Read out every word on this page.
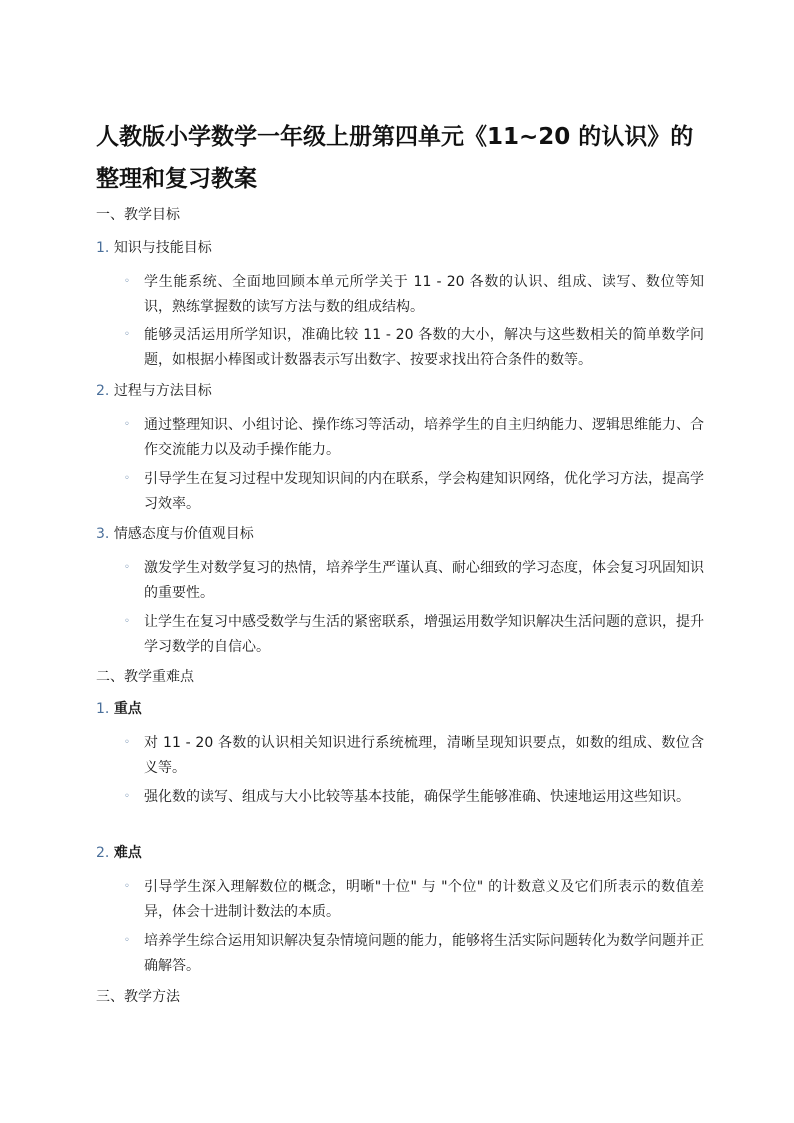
人教版小学数学一年级上册第四单元《11~20 的认识》的整理和复习教案

一、教学目标

1. 知识与技能目标

◦ 学生能系统、全面地回顾本单元所学关于 11 - 20 各数的认识、组成、读写、数位等知识，熟练掌握数的读写方法与数的组成结构。
◦ 能够灵活运用所学知识，准确比较 11 - 20 各数的大小，解决与这些数相关的简单数学问题，如根据小棒图或计数器表示写出数字、按要求找出符合条件的数等。

2. 过程与方法目标

◦ 通过整理知识、小组讨论、操作练习等活动，培养学生的自主归纳能力、逻辑思维能力、合作交流能力以及动手操作能力。
◦ 引导学生在复习过程中发现知识间的内在联系，学会构建知识网络，优化学习方法，提高学习效率。

3. 情感态度与价值观目标

◦ 激发学生对数学复习的热情，培养学生严谨认真、耐心细致的学习态度，体会复习巩固知识的重要性。
◦ 让学生在复习中感受数学与生活的紧密联系，增强运用数学知识解决生活问题的意识，提升学习数学的自信心。

二、教学重难点

1. 重点

◦ 对 11 - 20 各数的认识相关知识进行系统梳理，清晰呈现知识要点，如数的组成、数位含义等。
◦ 强化数的读写、组成与大小比较等基本技能，确保学生能够准确、快速地运用这些知识。

2. 难点

◦ 引导学生深入理解数位的概念，明晰"十位" 与 "个位" 的计数意义及它们所表示的数值差异，体会十进制计数法的本质。
◦ 培养学生综合运用知识解决复杂情境问题的能力，能够将生活实际问题转化为数学问题并正确解答。

三、教学方法
